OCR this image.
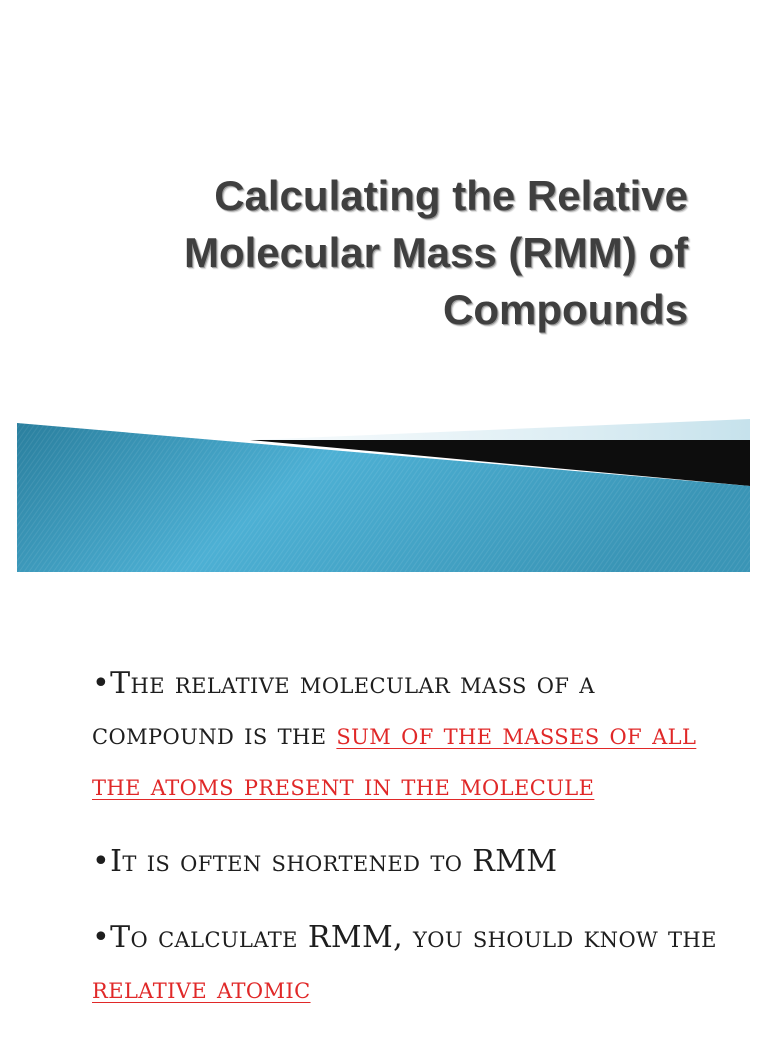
Calculating the Relative
Molecular Mass (RMM) of
Compounds

•The relative molecular mass of a compound is the sum of the masses of all the atoms present in the molecule

•It is often shortened to RMM

•To calculate RMM, you should know the relative atomic
